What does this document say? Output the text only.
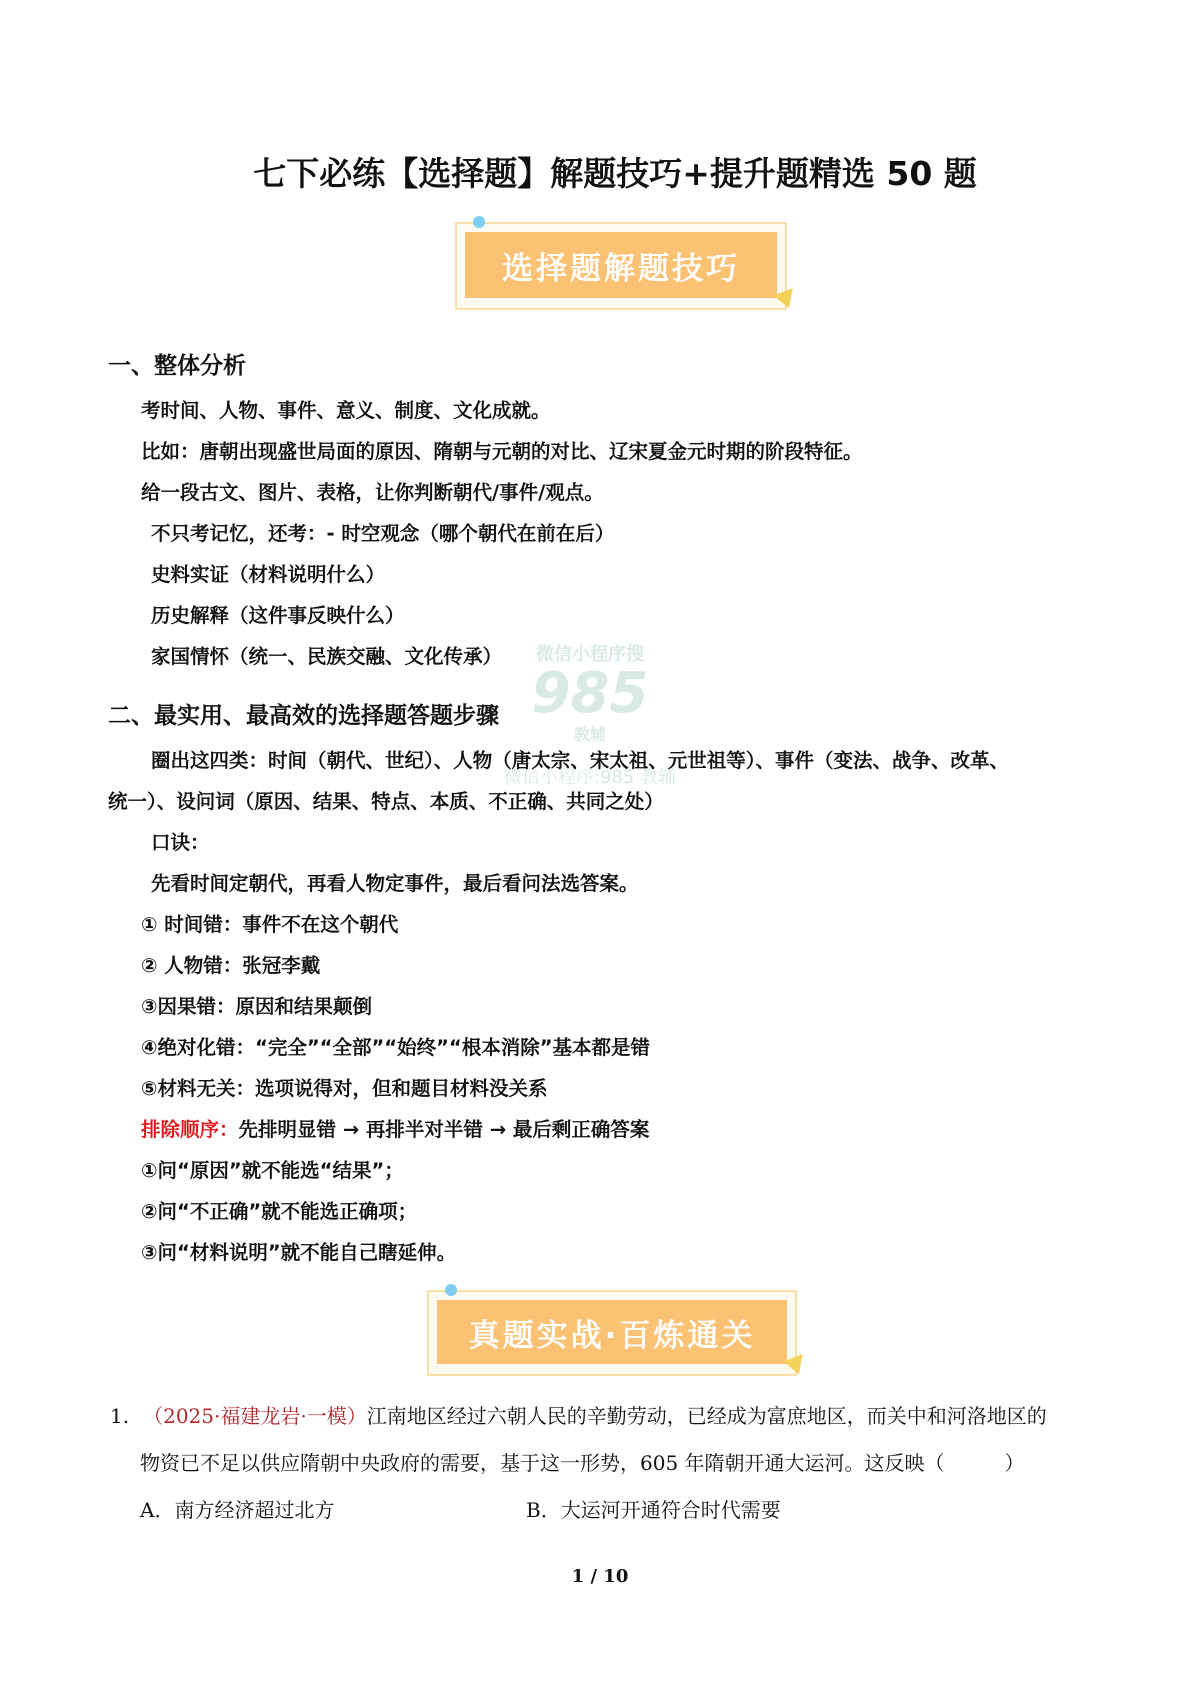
七下必练【选择题】解题技巧+提升题精选 50 题
选择题解题技巧
微信小程序搜
985
教辅
微信小程序:985 教辅
一、整体分析
考时间、人物、事件、意义、制度、文化成就。
比如：唐朝出现盛世局面的原因、隋朝与元朝的对比、辽宋夏金元时期的阶段特征。
给一段古文、图片、表格，让你判断朝代/事件/观点。
不只考记忆，还考：- 时空观念（哪个朝代在前在后）
史料实证（材料说明什么）
历史解释（这件事反映什么）
家国情怀（统一、民族交融、文化传承）
二、最实用、最高效的选择题答题步骤
圈出这四类：时间（朝代、世纪）、人物（唐太宗、宋太祖、元世祖等）、事件（变法、战争、改革、
统一）、设问词（原因、结果、特点、本质、不正确、共同之处）
口诀：
先看时间定朝代，再看人物定事件，最后看问法选答案。
① 时间错：事件不在这个朝代
② 人物错：张冠李戴
③因果错：原因和结果颠倒
④绝对化错：“完全”“全部”“始终”“根本消除”基本都是错
⑤材料无关：选项说得对，但和题目材料没关系
排除顺序：先排明显错 → 再排半对半错 → 最后剩正确答案
①问“原因”就不能选“结果”；
②问“不正确”就不能选正确项；
③问“材料说明”就不能自己瞎延伸。
真题实战·百炼通关
1. （2025·福建龙岩·一模）江南地区经过六朝人民的辛勤劳动，已经成为富庶地区，而关中和河洛地区的
物资已不足以供应隋朝中央政府的需要，基于这一形势，605 年隋朝开通大运河。这反映（　　　）
A．南方经济超过北方	B．大运河开通符合时代需要
1 / 10
